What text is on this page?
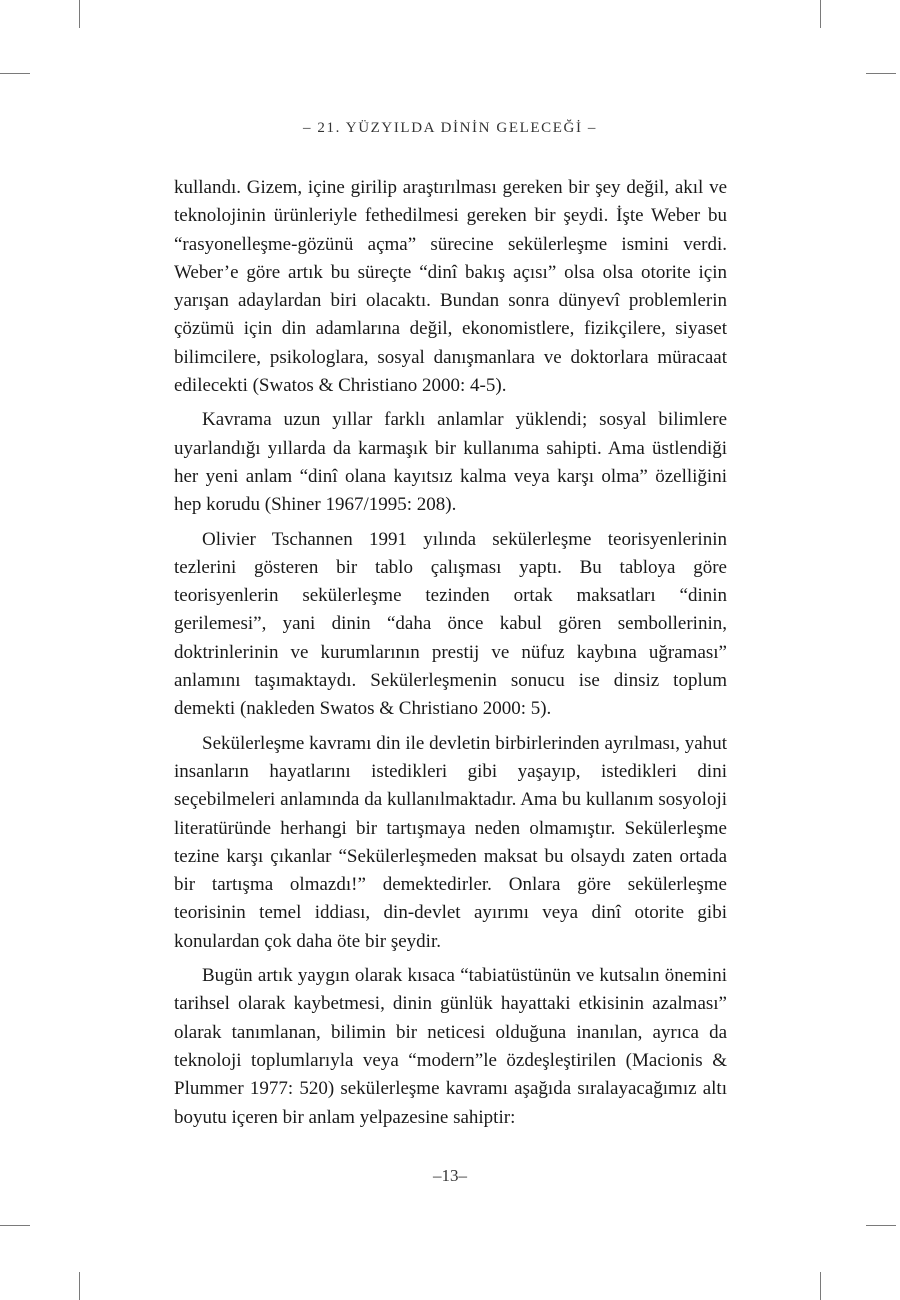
– 21. YÜZYILDA DİNİN GELECEĞİ –

kullandı. Gizem, içine girilip araştırılması gereken bir şey değil, akıl ve teknolojinin ürünleriyle fethedilmesi gereken bir şeydi. İşte Weber bu “rasyonelleşme-gözünü açma” sürecine sekülerleşme ismini verdi. Weber’e göre artık bu süreçte “dinî bakış açısı” olsa olsa otorite için yarışan adaylardan biri olacaktı. Bundan sonra dünyevî problemlerin çözümü için din adamlarına değil, ekonomistlere, fizikçilere, siyaset bilimcilere, psikologlara, sosyal danışmanlara ve doktorlara müracaat edilecekti (Swatos & Christiano 2000: 4-5).

Kavrama uzun yıllar farklı anlamlar yüklendi; sosyal bilimlere uyarlandığı yıllarda da karmaşık bir kullanıma sahipti. Ama üstlendiği her yeni anlam “dinî olana kayıtsız kalma veya karşı olma” özelliğini hep korudu (Shiner 1967/1995: 208).

Olivier Tschannen 1991 yılında sekülerleşme teorisyenlerinin tezlerini gösteren bir tablo çalışması yaptı. Bu tabloya göre teorisyenlerin sekülerleşme tezinden ortak maksatları “dinin gerilemesi”, yani dinin “daha önce kabul gören sembollerinin, doktrinlerinin ve kurumlarının prestij ve nüfuz kaybına uğraması” anlamını taşımaktaydı. Sekülerleşmenin sonucu ise dinsiz toplum demekti (nakleden Swatos & Christiano 2000: 5).

Sekülerleşme kavramı din ile devletin birbirlerinden ayrılması, yahut insanların hayatlarını istedikleri gibi yaşayıp, istedikleri dini seçebilmeleri anlamında da kullanılmaktadır. Ama bu kullanım sosyoloji literatüründe herhangi bir tartışmaya neden olmamıştır. Sekülerleşme tezine karşı çıkanlar “Sekülerleşmeden maksat bu olsaydı zaten ortada bir tartışma olmazdı!” demektedirler. Onlara göre sekülerleşme teorisinin temel iddiası, din-devlet ayırımı veya dinî otorite gibi konulardan çok daha öte bir şeydir.

Bugün artık yaygın olarak kısaca “tabiatüstünün ve kutsalın önemini tarihsel olarak kaybetmesi, dinin günlük hayattaki etkisinin azalması” olarak tanımlanan, bilimin bir neticesi olduğuna inanılan, ayrıca da teknoloji toplumlarıyla veya “modern”le özdeşleştirilen (Macionis & Plummer 1977: 520) sekülerleşme kavramı aşağıda sıralayacağımız altı boyutu içeren bir anlam yelpazesine sahiptir:

–13–
